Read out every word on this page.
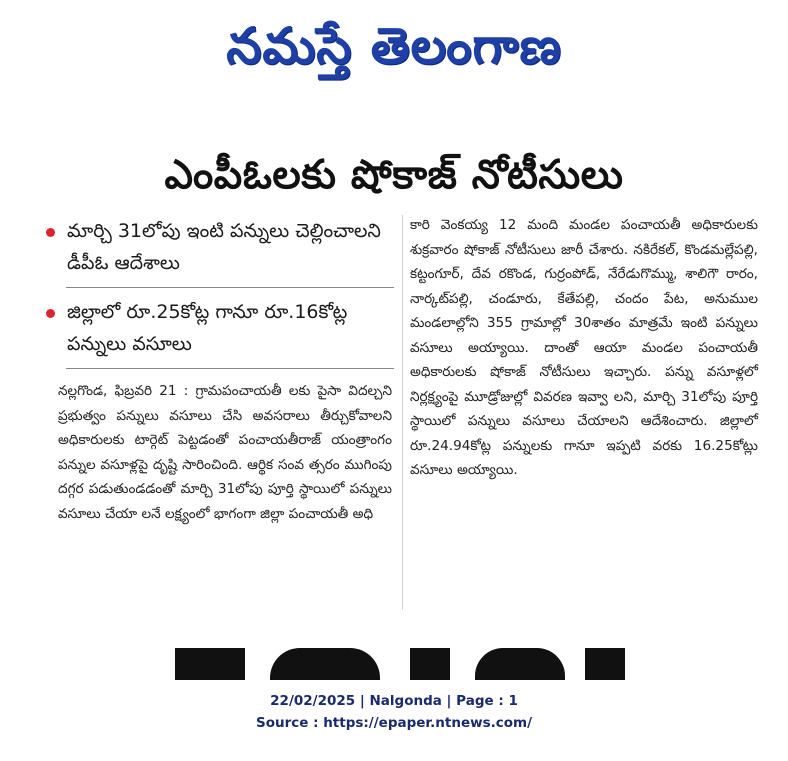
నమస్తే తెలంగాణ
ఎంపీఓలకు షోకాజ్ నోటీసులు
మార్చి 31లోపు ఇంటి పన్నులు చెల్లించాలని డీపీఓ ఆదేశాలు
జిల్లాలో రూ.25కోట్ల గానూ రూ.16కోట్ల పన్నులు వసూలు
నల్లగొండ, ఫిబ్రవరి 21 : గ్రామపంచాయతీ లకు పైసా విదల్చని ప్రభుత్వం పన్నులు వసూలు చేసి అవసరాలు తీర్చుకోవాలని అధికారులకు టార్గెట్ పెట్టడంతో పంచాయతీరాజ్ యంత్రాంగం పన్నుల వసూళ్లపై దృష్టి సారించింది. ఆర్థిక సంవ త్సరం ముగింపు దగ్గర పడుతుండడంతో మార్చి 31లోపు పూర్తి స్థాయిలో పన్నులు వసూలు చేయా లనే లక్ష్యంలో భాగంగా జిల్లా పంచాయతీ అధి
కారి వెంకయ్య 12 మంది మండల పంచాయతీ అధికారులకు శుక్రవారం షోకాజ్ నోటీసులు జారీ చేశారు. నకిరేకల్, కొండమల్లేపల్లి, కట్టంగూర్, దేవ రకొండ, గుర్రంపోడ్, నేరేడుగొమ్ము, శాలిగౌ రారం, నార్కట్‌పల్లి, చండూరు, కేతేపల్లి, చందం పేట, అనుముల మండలాల్లోని 355 గ్రామాల్లో 30శాతం మాత్రమే ఇంటి పన్నులు వసూలు అయ్యాయి. దాంతో ఆయా మండల పంచాయతీ అధికారులకు షోకాజ్ నోటీసులు ఇచ్చారు. పన్ను వసూళ్లలో నిర్లక్ష్యంపై మూడ్రోజుల్లో వివరణ ఇవ్వా లని, మార్చి 31లోపు పూర్తి స్థాయిలో పన్నులు వసూలు చేయాలని ఆదేశించారు. జిల్లాలో రూ.24.94కోట్ల పన్నులకు గానూ ఇప్పటి వరకు 16.25కోట్లు వసూలు అయ్యాయి.
22/02/2025 | Nalgonda | Page : 1
Source : https://epaper.ntnews.com/
